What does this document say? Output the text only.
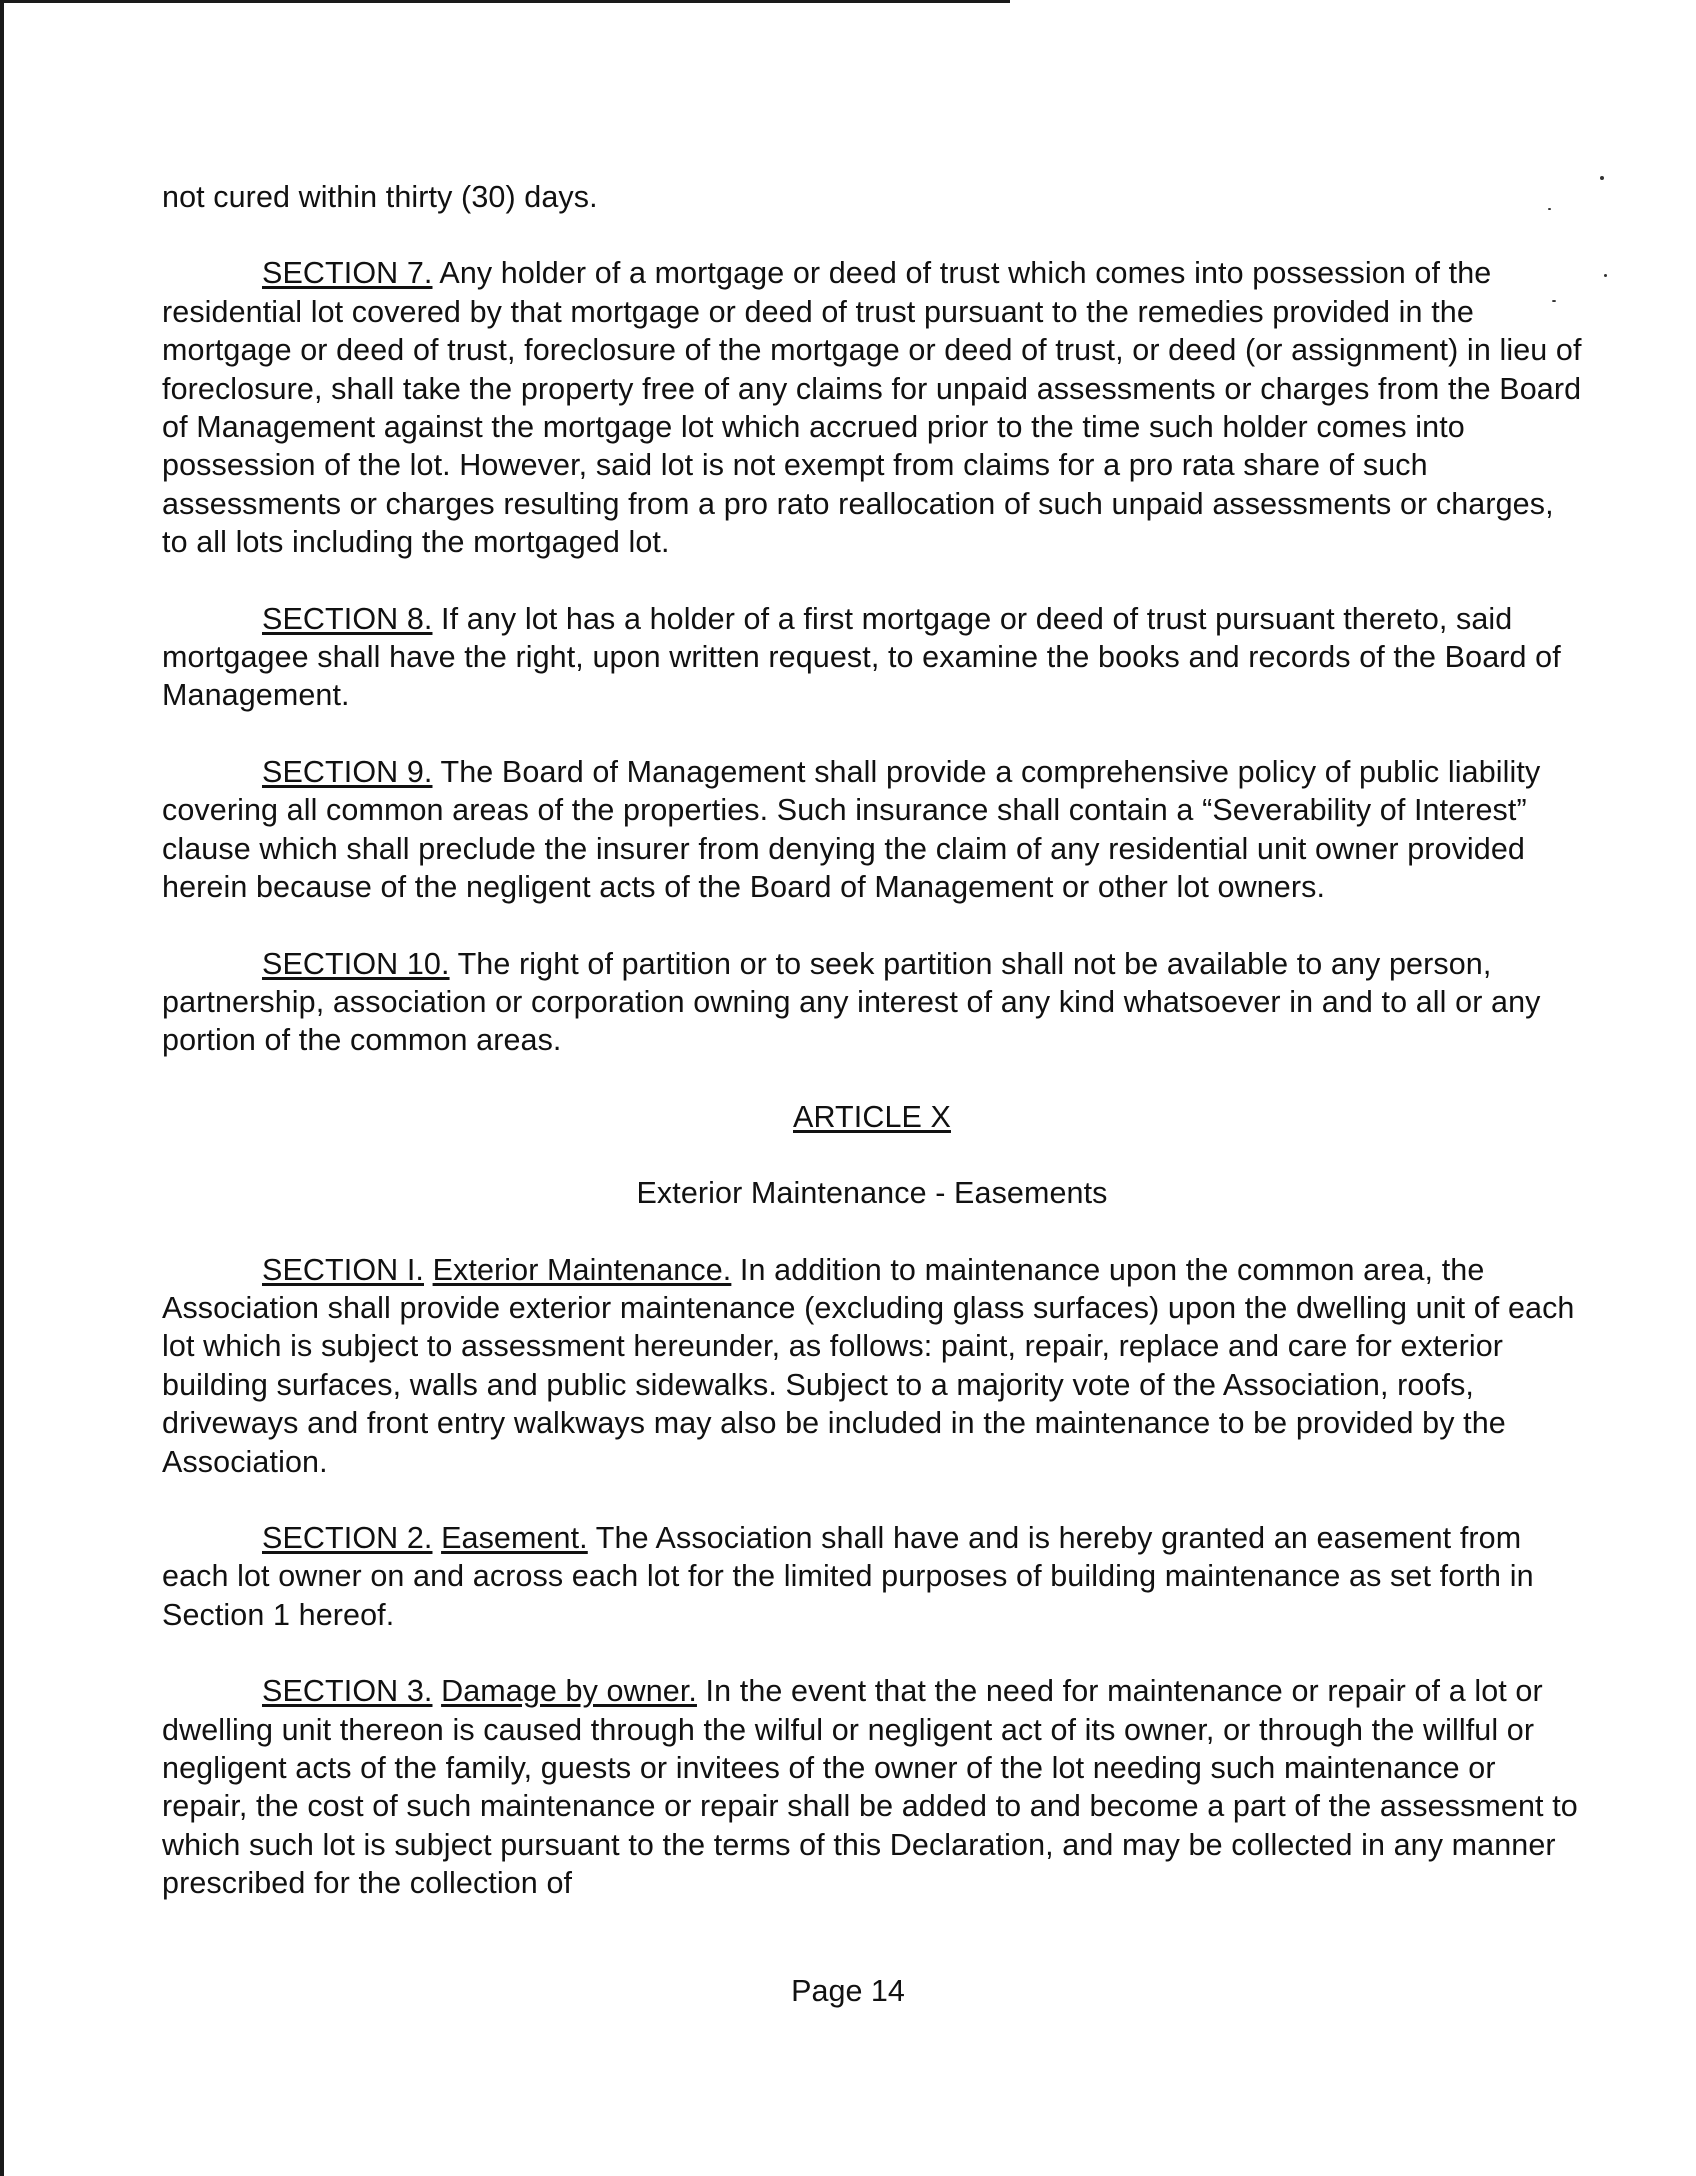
not cured within thirty (30) days.

SECTION 7. Any holder of a mortgage or deed of trust which comes into possession of the residential lot covered by that mortgage or deed of trust pursuant to the remedies provided in the mortgage or deed of trust, foreclosure of the mortgage or deed of trust, or deed (or assignment) in lieu of foreclosure, shall take the property free of any claims for unpaid assessments or charges from the Board of Management against the mortgage lot which accrued prior to the time such holder comes into possession of the lot. However, said lot is not exempt from claims for a pro rata share of such assessments or charges resulting from a pro rato reallocation of such unpaid assessments or charges, to all lots including the mortgaged lot.

SECTION 8. If any lot has a holder of a first mortgage or deed of trust pursuant thereto, said mortgagee shall have the right, upon written request, to examine the books and records of the Board of Management.

SECTION 9. The Board of Management shall provide a comprehensive policy of public liability covering all common areas of the properties. Such insurance shall contain a “Severability of Interest” clause which shall preclude the insurer from denying the claim of any residential unit owner provided herein because of the negligent acts of the Board of Management or other lot owners.

SECTION 10. The right of partition or to seek partition shall not be available to any person, partnership, association or corporation owning any interest of any kind whatsoever in and to all or any portion of the common areas.

ARTICLE X

Exterior Maintenance - Easements

SECTION I. Exterior Maintenance. In addition to maintenance upon the common area, the Association shall provide exterior maintenance (excluding glass surfaces) upon the dwelling unit of each lot which is subject to assessment hereunder, as follows: paint, repair, replace and care for exterior building surfaces, walls and public sidewalks. Subject to a majority vote of the Association, roofs, driveways and front entry walkways may also be included in the maintenance to be provided by the Association.

SECTION 2. Easement. The Association shall have and is hereby granted an easement from each lot owner on and across each lot for the limited purposes of building maintenance as set forth in Section 1 hereof.

SECTION 3. Damage by owner. In the event that the need for maintenance or repair of a lot or dwelling unit thereon is caused through the wilful or negligent act of its owner, or through the willful or negligent acts of the family, guests or invitees of the owner of the lot needing such maintenance or repair, the cost of such maintenance or repair shall be added to and become a part of the assessment to which such lot is subject pursuant to the terms of this Declaration, and may be collected in any manner prescribed for the collection of

Page 14
